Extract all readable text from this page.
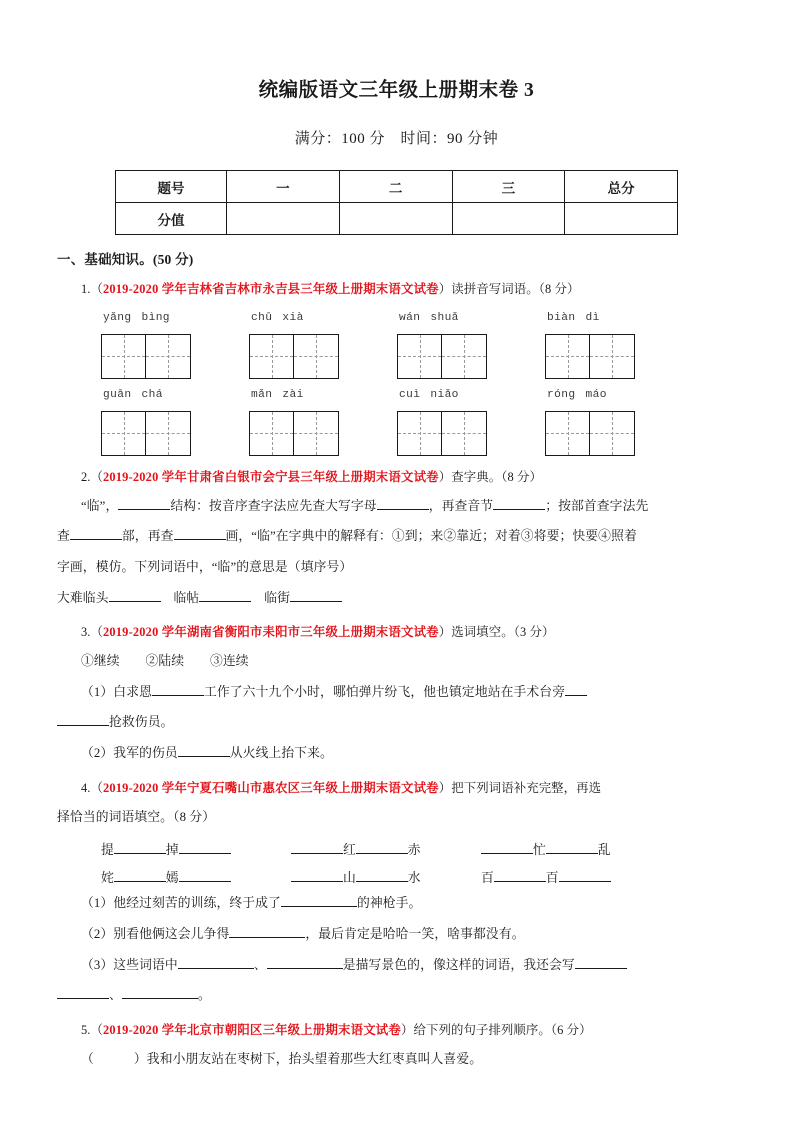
统编版语文三年级上册期末卷 3

满分：100 分　时间：90 分钟

题号	一	二	三	总分
分值				

一、基础知识。(50 分)

1.（2019-2020 学年吉林省吉林市永吉县三年级上册期末语文试卷）读拼音写词语。（8 分）

yǎng bìng	chū xià	wán shuǎ	biàn dì
guān chá	mǎn zài	cuì niǎo	róng máo

2.（2019-2020 学年甘肃省白银市会宁县三年级上册期末语文试卷）查字典。（8 分）

“临”，	结构：按音序查字法应先查大写字母	，再查音节	；按部首查字法先

查	部，再查	画，“临”在字典中的解释有：①到；来②靠近；对着③将要；快要④照着

字画，模仿。下列词语中，“临”的意思是（填序号）

大难临头　	临帖　	临街

3.（2019-2020 学年湖南省衡阳市耒阳市三年级上册期末语文试卷）选词填空。（3 分）

①继续　　②陆续　　③连续

（1）白求恩	工作了六十九个小时，哪怕弹片纷飞，他也镇定地站在手术台旁

抢救伤员。

（2）我军的伤员	从火线上抬下来。

4.（2019-2020 学年宁夏石嘴山市惠农区三年级上册期末语文试卷）把下列词语补充完整，再选

择恰当的词语填空。（8 分）

提	掉	红	赤	忙	乱
姹	嫣	山	水	百	百

（1）他经过刻苦的训练，终于成了	的神枪手。

（2）别看他俩这会儿争得	，最后肯定是哈哈一笑，啥事都没有。

（3）这些词语中	、	是描写景色的，像这样的词语，我还会写

、	。

5.（2019-2020 学年北京市朝阳区三年级上册期末语文试卷）给下列的句子排列顺序。（6 分）

（	）我和小朋友站在枣树下，抬头望着那些大红枣真叫人喜爱。
